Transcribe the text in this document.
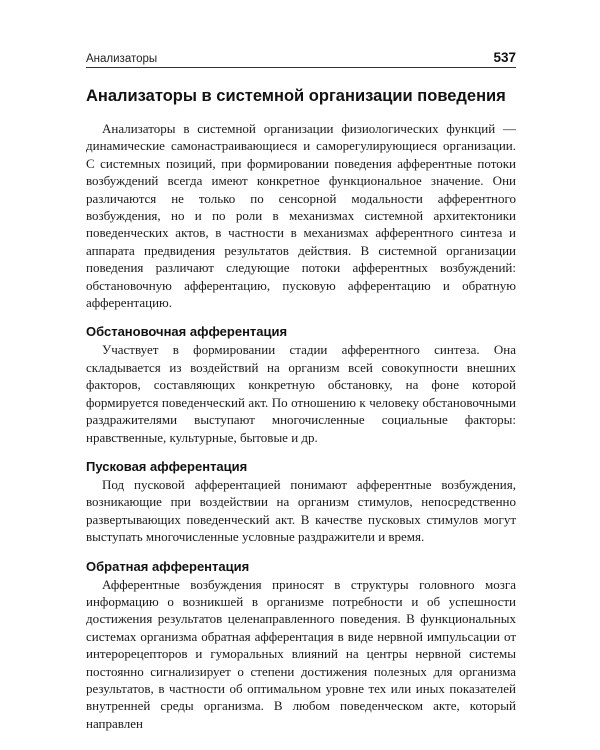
Анализаторы	537
Анализаторы в системной организации поведения

Анализаторы в системной организации физиологических функций — динамические самонастраивающиеся и саморегулирующиеся организации. С системных позиций, при формировании поведения афферентные потоки возбуждений всегда имеют конкретное функциональное значение. Они различаются не только по сенсорной модальности афферентного возбуждения, но и по роли в механизмах системной архитектоники поведенческих актов, в частности в механизмах афферентного синтеза и аппарата предвидения результатов действия. В системной организации поведения различают следующие потоки афферентных возбуждений: обстановочную афферентацию, пусковую афферентацию и обратную афферентацию.

Обстановочная афферентация

Участвует в формировании стадии афферентного синтеза. Она складывается из воздействий на организм всей совокупности внешних факторов, составляющих конкретную обстановку, на фоне которой формируется поведенческий акт. По отношению к человеку обстановочными раздражителями выступают многочисленные социальные факторы: нравственные, культурные, бытовые и др.

Пусковая афферентация

Под пусковой афферентацией понимают афферентные возбуждения, возникающие при воздействии на организм стимулов, непосредственно развертывающих поведенческий акт. В качестве пусковых стимулов могут выступать многочисленные условные раздражители и время.

Обратная афферентация

Афферентные возбуждения приносят в структуры головного мозга информацию о возникшей в организме потребности и об успешности достижения результатов целенаправленного поведения. В функциональных системах организма обратная афферентация в виде нервной импульсации от интерорецепторов и гуморальных влияний на центры нервной системы постоянно сигнализирует о степени достижения полезных для организма результатов, в частности об оптимальном уровне тех или иных показателей внутренней среды организма. В любом поведенческом акте, который направлен
